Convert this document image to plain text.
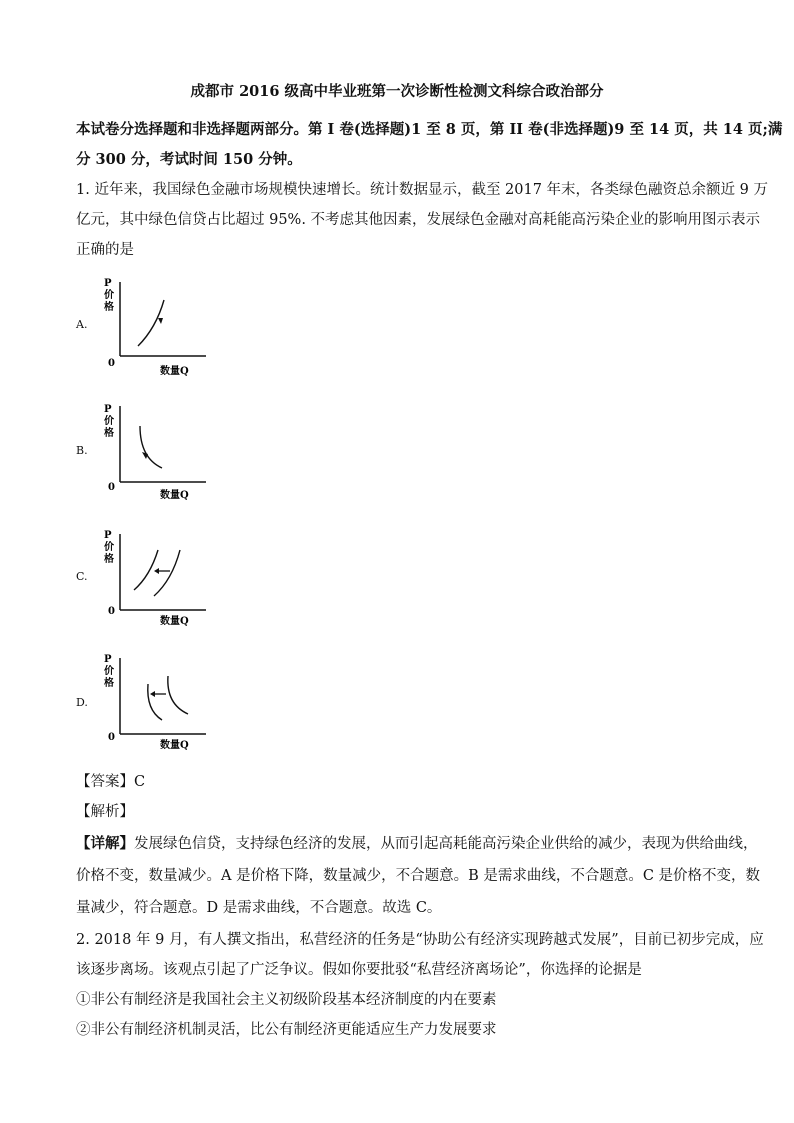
成都市 2016 级高中毕业班第一次诊断性检测文科综合政治部分
本试卷分选择题和非选择题两部分。第 I 卷(选择题)1 至 8 页，第 II 卷(非选择题)9 至 14 页，共 14 页;满
分 300 分，考试时间 150 分钟。
1. 近年来，我国绿色金融市场规模快速增长。统计数据显示，截至 2017 年末，各类绿色融资总余额近 9 万
亿元，其中绿色信贷占比超过 95%. 不考虑其他因素，发展绿色金融对高耗能高污染企业的影响用图示表示
正确的是
A.
P
价
格
0
数量Q
B.
P
价
格
0
数量Q
C.
P
价
格
0
数量Q
D.
P
价
格
0
数量Q
【答案】C
【解析】
【详解】发展绿色信贷，支持绿色经济的发展，从而引起高耗能高污染企业供给的减少，表现为供给曲线，
价格不变，数量减少。A 是价格下降，数量减少，不合题意。B 是需求曲线，不合题意。C 是价格不变，数
量减少，符合题意。D 是需求曲线，不合题意。故选 C。
2. 2018 年 9 月，有人撰文指出，私营经济的任务是“协助公有经济实现跨越式发展”，目前已初步完成，应
该逐步离场。该观点引起了广泛争议。假如你要批驳“私营经济离场论”，你选择的论据是
①非公有制经济是我国社会主义初级阶段基本经济制度的内在要素
②非公有制经济机制灵活，比公有制经济更能适应生产力发展要求
